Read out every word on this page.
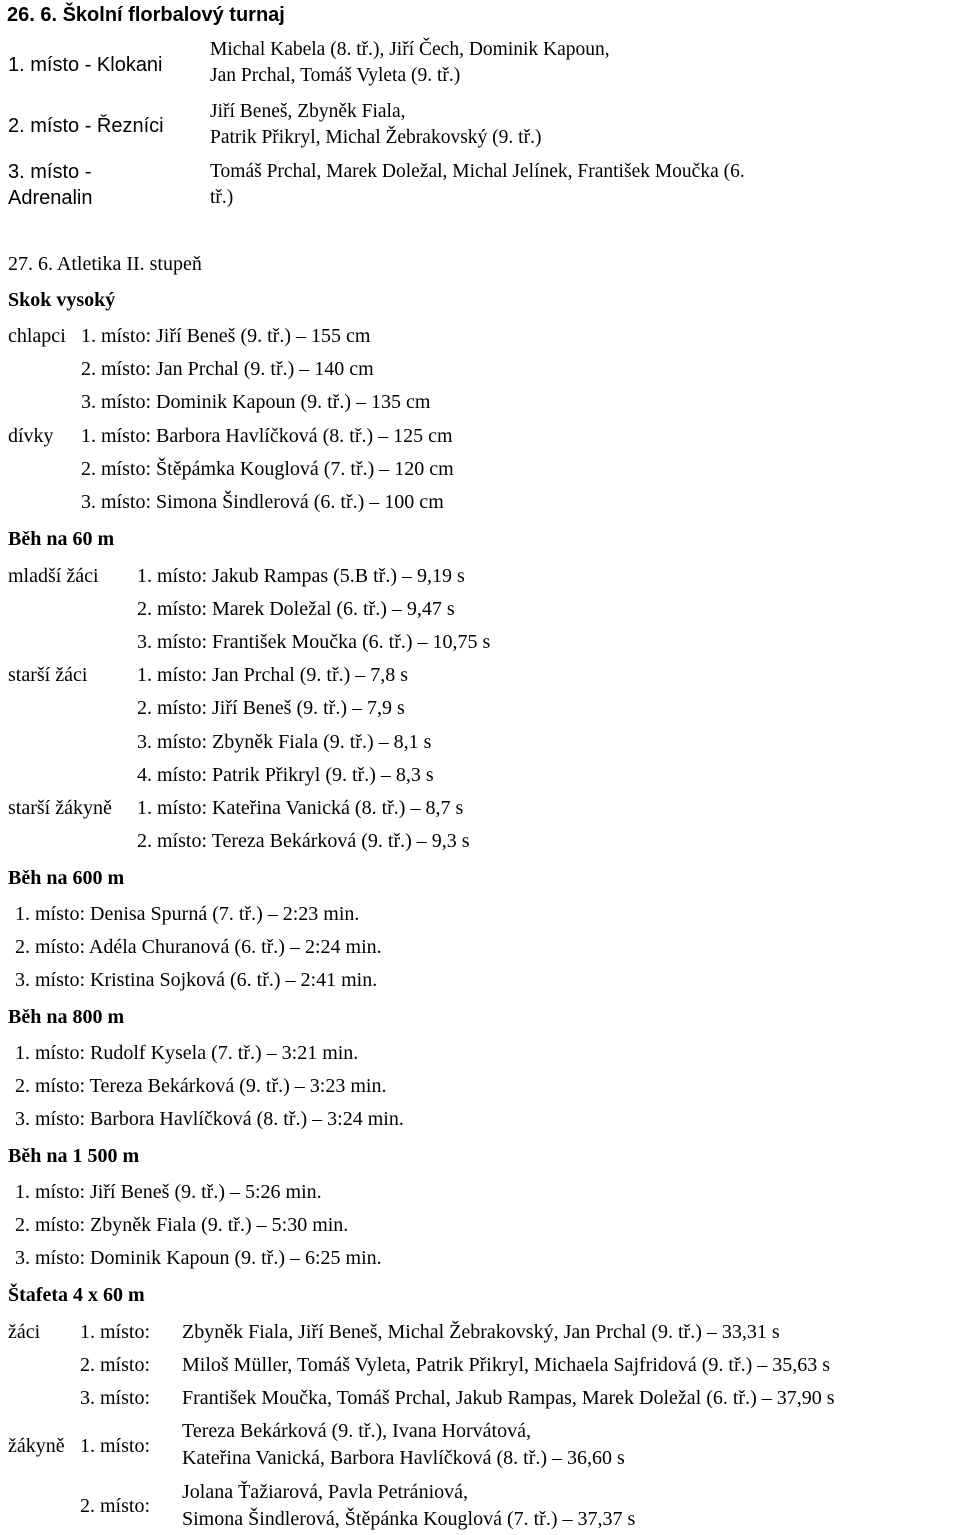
26. 6. Školní florbalový turnaj
1. místo - Klokani
Michal Kabela (8. tř.), Jiří Čech, Dominik Kapoun,
Jan Prchal, Tomáš Vyleta (9. tř.)
2. místo - Řezníci
Jiří Beneš, Zbyněk Fiala,
Patrik Přikryl, Michal Žebrakovský (9. tř.)
3. místo -
Adrenalin
Tomáš Prchal, Marek Doležal, Michal Jelínek, František Moučka (6.
tř.)
27. 6. Atletika II. stupeň
Skok vysoký
chlapci 1. místo: Jiří Beneš (9. tř.) – 155 cm
2. místo: Jan Prchal (9. tř.) – 140 cm
3. místo: Dominik Kapoun (9. tř.) – 135 cm
dívky 1. místo: Barbora Havlíčková (8. tř.) – 125 cm
2. místo: Štěpámka Kouglová (7. tř.) – 120 cm
3. místo: Simona Šindlerová (6. tř.) – 100 cm
Běh na 60 m
mladší žáci 1. místo: Jakub Rampas (5.B tř.) – 9,19 s
2. místo: Marek Doležal (6. tř.) – 9,47 s
3. místo: František Moučka (6. tř.) – 10,75 s
starší žáci 1. místo: Jan Prchal (9. tř.) – 7,8 s
2. místo: Jiří Beneš (9. tř.) – 7,9 s
3. místo: Zbyněk Fiala (9. tř.) – 8,1 s
4. místo: Patrik Přikryl (9. tř.) – 8,3 s
starší žákyně 1. místo: Kateřina Vanická (8. tř.) – 8,7 s
2. místo: Tereza Bekárková (9. tř.) – 9,3 s
Běh na 600 m
1. místo: Denisa Spurná (7. tř.) – 2:23 min.
2. místo: Adéla Churanová (6. tř.) – 2:24 min.
3. místo: Kristina Sojková (6. tř.) – 2:41 min.
Běh na 800 m
1. místo: Rudolf Kysela (7. tř.) – 3:21 min.
2. místo: Tereza Bekárková (9. tř.) – 3:23 min.
3. místo: Barbora Havlíčková (8. tř.) – 3:24 min.
Běh na 1 500 m
1. místo: Jiří Beneš (9. tř.) – 5:26 min.
2. místo: Zbyněk Fiala (9. tř.) – 5:30 min.
3. místo: Dominik Kapoun (9. tř.) – 6:25 min.
Štafeta 4 x 60 m
žáci 1. místo: Zbyněk Fiala, Jiří Beneš, Michal Žebrakovský, Jan Prchal (9. tř.) – 33,31 s
2. místo: Miloš Müller, Tomáš Vyleta, Patrik Přikryl, Michaela Sajfridová (9. tř.) – 35,63 s
3. místo: František Moučka, Tomáš Prchal, Jakub Rampas, Marek Doležal (6. tř.) – 37,90 s
žákyně 1. místo:
Tereza Bekárková (9. tř.), Ivana Horvátová,
Kateřina Vanická, Barbora Havlíčková (8. tř.) – 36,60 s
2. místo:
Jolana Ťažiarová, Pavla Petrániová,
Simona Šindlerová, Štěpánka Kouglová (7. tř.) – 37,37 s
